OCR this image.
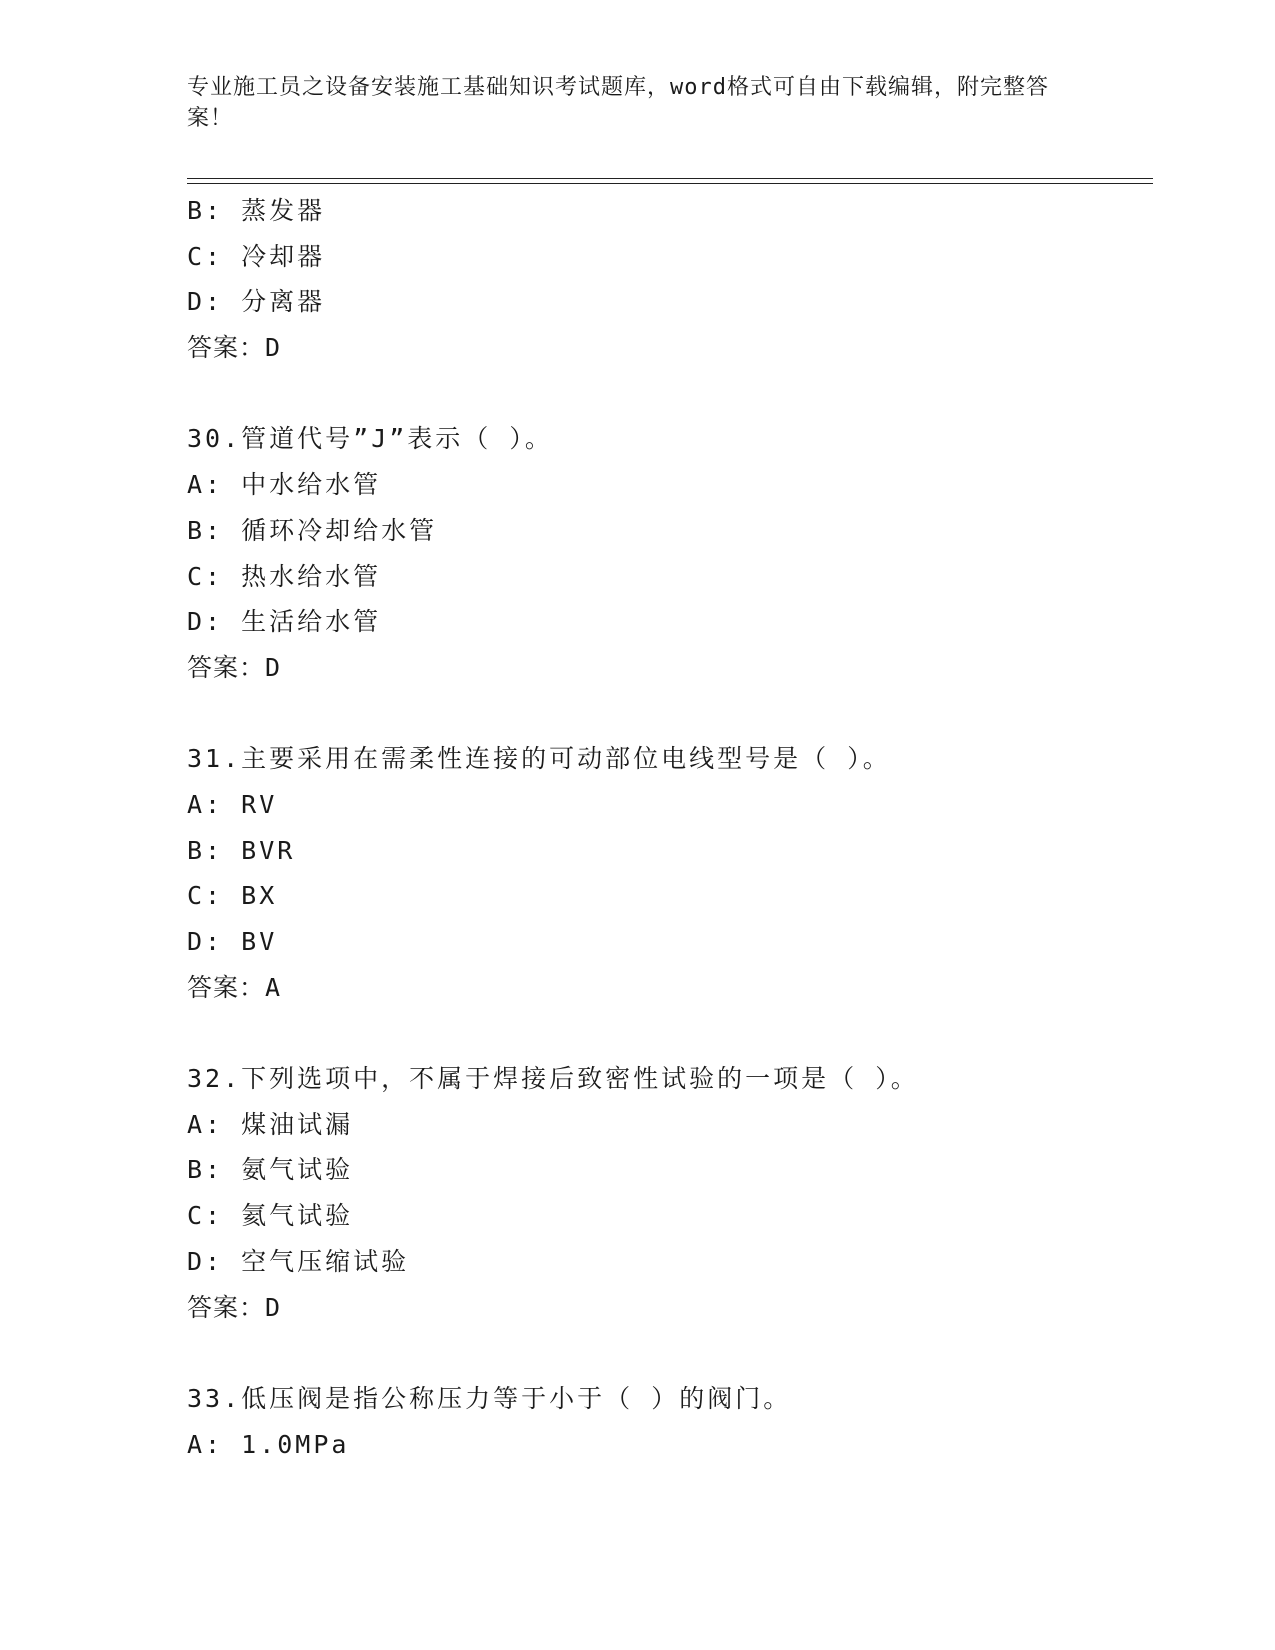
专业施工员之设备安装施工基础知识考试题库，word格式可自由下载编辑，附完整答案！
B: 蒸发器
C: 冷却器
D: 分离器
答案：D
30.管道代号”J”表示（ ）。
A: 中水给水管
B: 循环冷却给水管
C: 热水给水管
D: 生活给水管
答案：D
31.主要采用在需柔性连接的可动部位电线型号是（ ）。
A: RV
B: BVR
C: BX
D: BV
答案：A
32.下列选项中，不属于焊接后致密性试验的一项是（ ）。
A: 煤油试漏
B: 氨气试验
C: 氦气试验
D: 空气压缩试验
答案：D
33.低压阀是指公称压力等于小于（ ）的阀门。
A: 1.0MPa
